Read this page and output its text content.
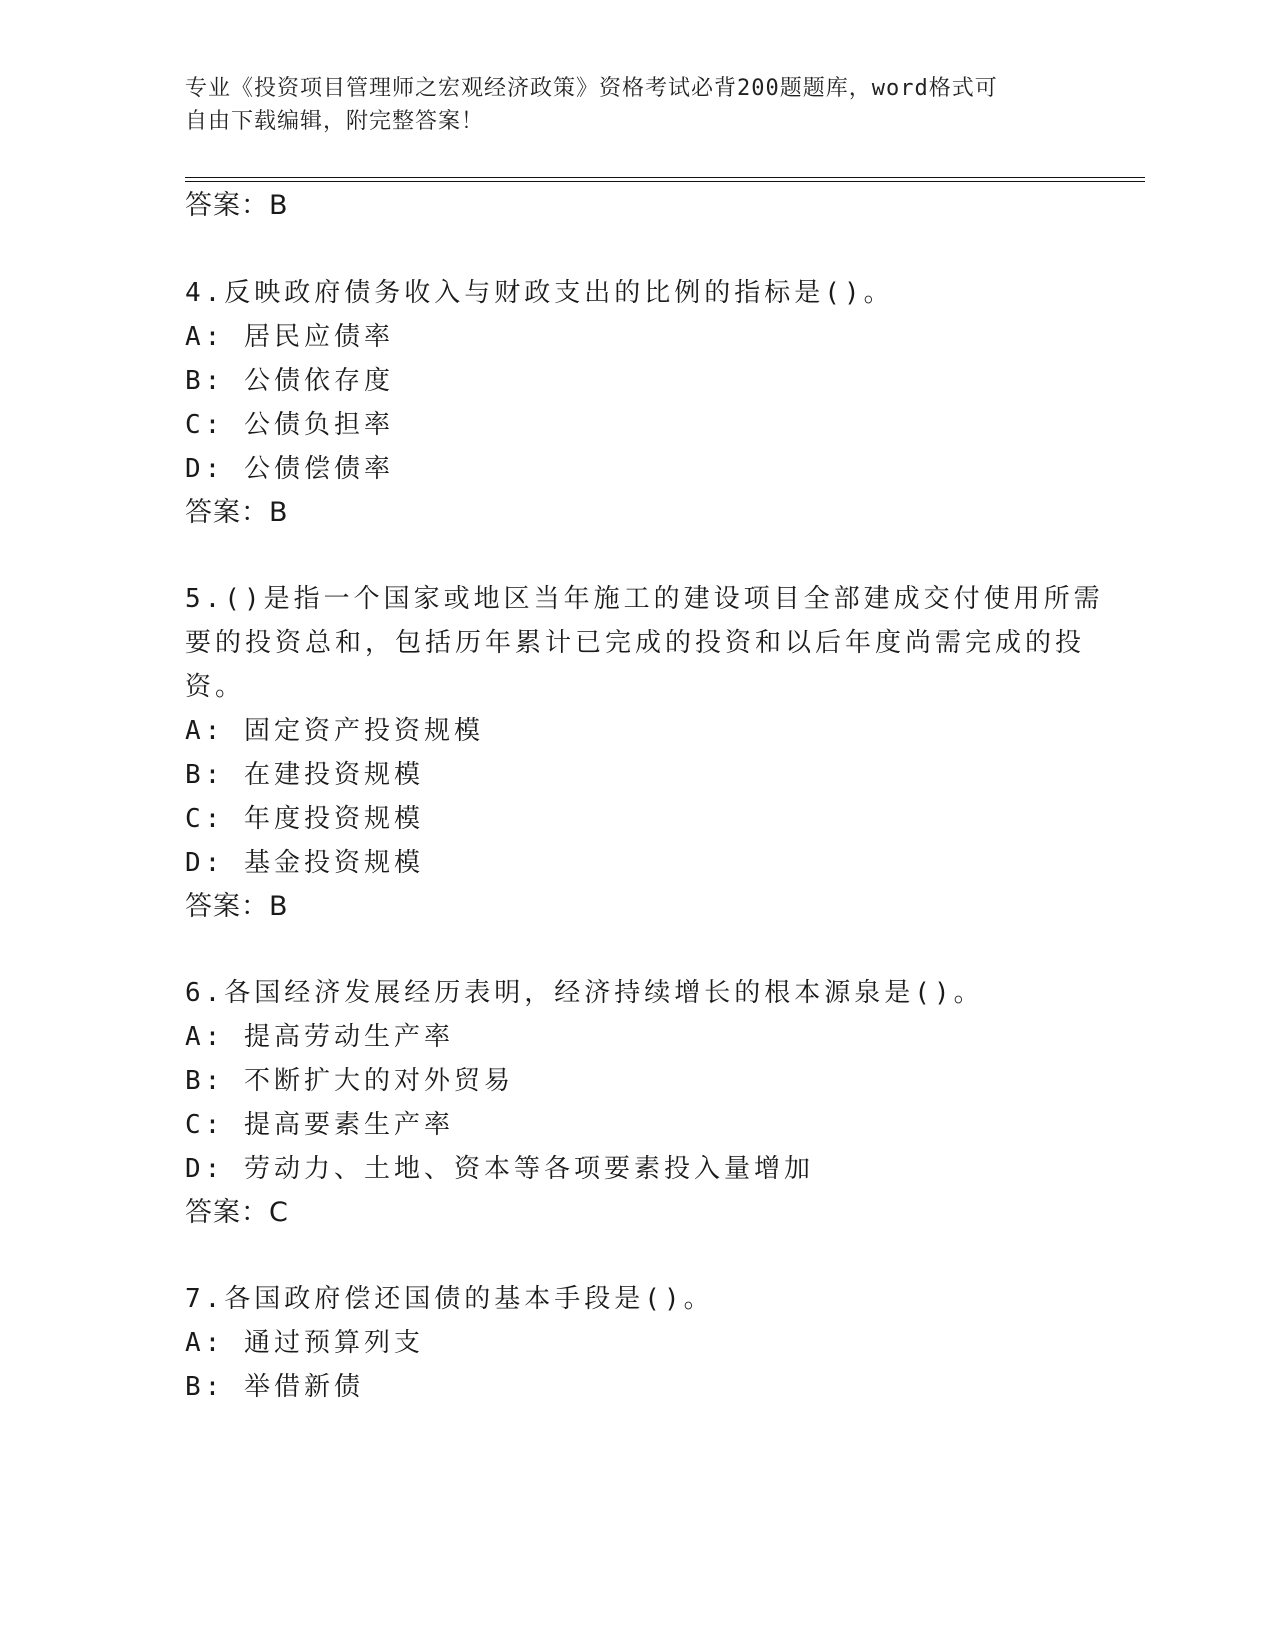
专业《投资项目管理师之宏观经济政策》资格考试必背200题题库，word格式可
自由下载编辑，附完整答案！
答案：B
4.反映政府债务收入与财政支出的比例的指标是()。
A: 居民应债率
B: 公债依存度
C: 公债负担率
D: 公债偿债率
答案：B
5.()是指一个国家或地区当年施工的建设项目全部建成交付使用所需
要的投资总和，包括历年累计已完成的投资和以后年度尚需完成的投
资。
A: 固定资产投资规模
B: 在建投资规模
C: 年度投资规模
D: 基金投资规模
答案：B
6.各国经济发展经历表明，经济持续增长的根本源泉是()。
A: 提高劳动生产率
B: 不断扩大的对外贸易
C: 提高要素生产率
D: 劳动力、土地、资本等各项要素投入量增加
答案：C
7.各国政府偿还国债的基本手段是()。
A: 通过预算列支
B: 举借新债
